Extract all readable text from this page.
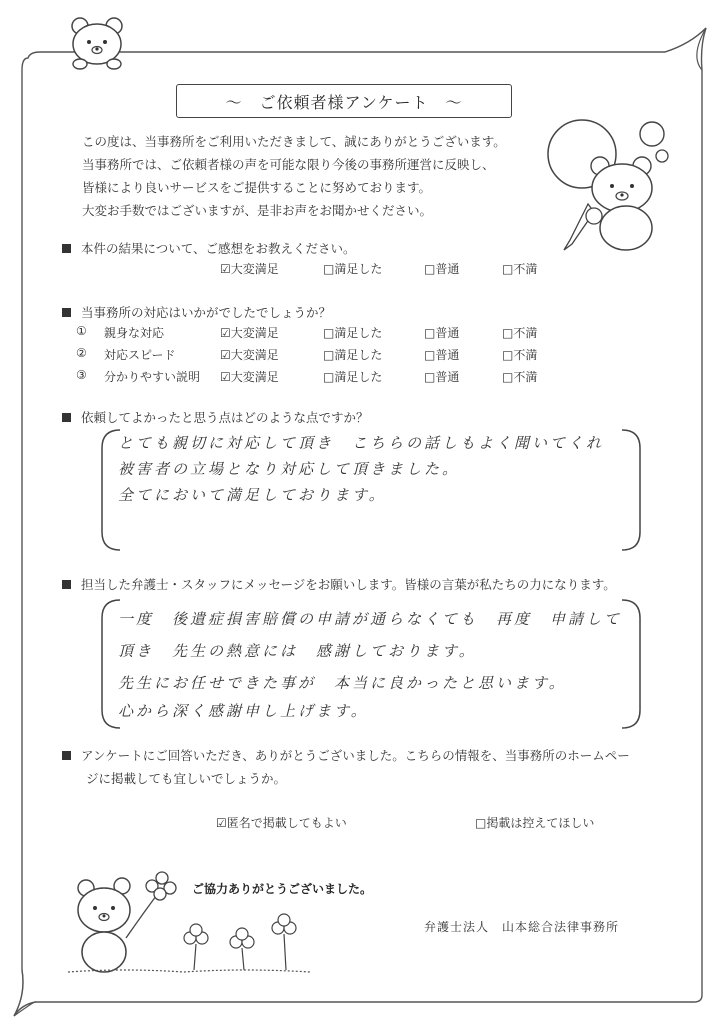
～　ご依頼者様アンケート　～
この度は、当事務所をご利用いただきまして、誠にありがとうございます。
当事務所では、ご依頼者様の声を可能な限り今後の事務所運営に反映し、
皆様により良いサービスをご提供することに努めております。
大変お手数ではございますが、是非お声をお聞かせください。
本件の結果について、ご感想をお教えください。
☑大変満足	□満足した	□普通	□不満
当事務所の対応はいかがでしたでしょうか？
① 親身な対応	☑大変満足	□満足した	□普通	□不満
② 対応スピード	☑大変満足	□満足した	□普通	□不満
③ 分かりやすい説明 ☑大変満足	□満足した	□普通	□不満
依頼してよかったと思う点はどのような点ですか？
とても親切に対応して頂き　こちらの話しもよく聞いてくれ
被害者の立場となり対応して頂きました。
全てにおいて満足しております。
担当した弁護士・スタッフにメッセージをお願いします。皆様の言葉が私たちの力になります。
一度　後遺症損害賠償の申請が通らなくても　再度　申請して
頂き　先生の熱意には　感謝しております。
先生にお任せできた事が　本当に良かったと思います。
心から深く感謝申し上げます。
アンケートにご回答いただき、ありがとうございました。こちらの情報を、当事務所のホームペー
ジに掲載しても宜しいでしょうか。
☑匿名で掲載してもよい	□掲載は控えてほしい
ご協力ありがとうございました。
弁護士法人　山本総合法律事務所
